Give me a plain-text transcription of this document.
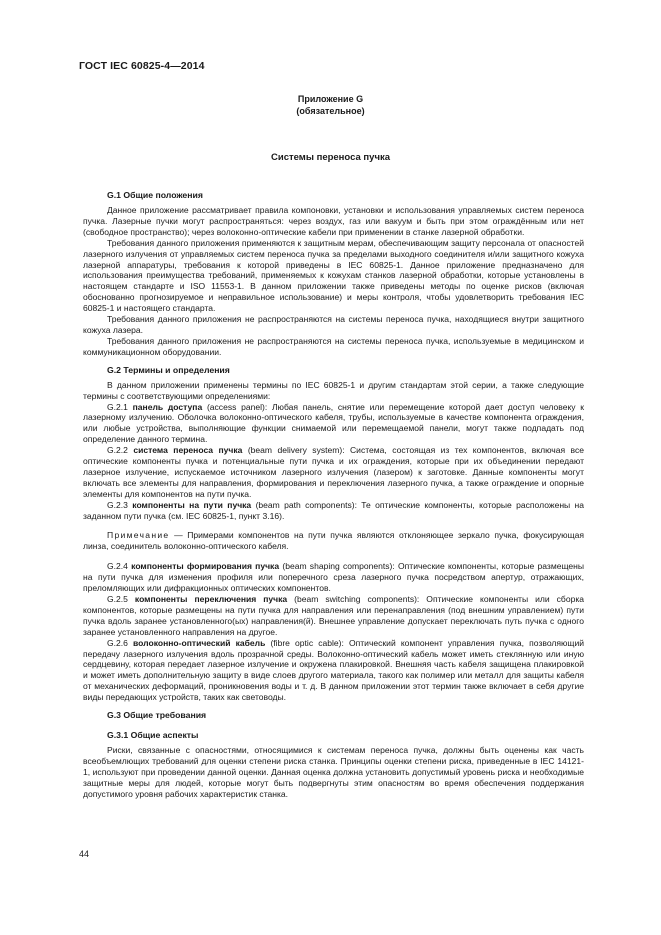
ГОСТ IEC 60825-4—2014
Приложение G
(обязательное)
Системы переноса пучка
G.1 Общие положения

Данное приложение рассматривает правила компоновки, установки и использования управляемых систем переноса пучка. Лазерные пучки могут распространяться: через воздух, газ или вакуум и быть при этом ограждённым или нет (свободное пространство); через волоконно-оптические кабели при применении в станке лазерной обработки.

Требования данного приложения применяются к защитным мерам, обеспечивающим защиту персонала от опасностей лазерного излучения от управляемых систем переноса пучка за пределами выходного соединителя и/или защитного кожуха лазерной аппаратуры, требования к которой приведены в IEC 60825-1. Данное приложение предназначено для использования преимущества требований, применяемых к кожухам станков лазерной обработки, которые установлены в настоящем стандарте и ISO 11553-1. В данном приложении также приведены методы по оценке рисков (включая обоснованно прогнозируемое и неправильное использование) и меры контроля, чтобы удовлетворить требования IEC 60825-1 и настоящего стандарта.

Требования данного приложения не распространяются на системы переноса пучка, находящиеся внутри защитного кожуха лазера.

Требования данного приложения не распространяются на системы переноса пучка, используемые в медицинском и коммуникационном оборудовании.

G.2 Термины и определения

В данном приложении применены термины по IEC 60825-1 и другим стандартам этой серии, а также следующие термины с соответствующими определениями:

G.2.1 панель доступа (access panel): Любая панель, снятие или перемещение которой дает доступ человеку к лазерному излучению. Оболочка волоконно-оптического кабеля, трубы, используемые в качестве компонента ограждения, или любые устройства, выполняющие функции снимаемой или перемещаемой панели, могут также подпадать под определение данного термина.

G.2.2 система переноса пучка (beam delivery system): Система, состоящая из тех компонентов, включая все оптические компоненты пучка и потенциальные пути пучка и их ограждения, которые при их объединении передают лазерное излучение, испускаемое источником лазерного излучения (лазером) к заготовке. Данные компоненты могут включать все элементы для направления, формирования и переключения лазерного пучка, а также ограждение и опорные элементы для компонентов на пути пучка.

G.2.3 компоненты на пути пучка (beam path components): Те оптические компоненты, которые расположены на заданном пути пучка (см. IEC 60825-1, пункт 3.16).

Примечание — Примерами компонентов на пути пучка являются отклоняющее зеркало пучка, фокусирующая линза, соединитель волоконно-оптического кабеля.

G.2.4 компоненты формирования пучка (beam shaping components): Оптические компоненты, которые размещены на пути пучка для изменения профиля или поперечного среза лазерного пучка посредством апертур, отражающих, преломляющих или дифракционных оптических компонентов.

G.2.5 компоненты переключения пучка (beam switching components): Оптические компоненты или сборка компонентов, которые размещены на пути пучка для направления или перенаправления (под внешним управлением) пути пучка вдоль заранее установленного(ых) направления(й). Внешнее управление допускает переключать путь пучка с одного заранее установленного направления на другое.

G.2.6 волоконно-оптический кабель (fibre optic cable): Оптический компонент управления пучка, позволяющий передачу лазерного излучения вдоль прозрачной среды. Волоконно-оптический кабель может иметь стеклянную или иную сердцевину, которая передает лазерное излучение и окружена плакировкой. Внешняя часть кабеля защищена плакировкой и может иметь дополнительную защиту в виде слоев другого материала, такого как полимер или металл для защиты кабеля от механических деформаций, проникновения воды и т. д. В данном приложении этот термин также включает в себя другие виды передающих устройств, таких как световоды.

G.3 Общие требования
G.3.1 Общие аспекты

Риски, связанные с опасностями, относящимися к системам переноса пучка, должны быть оценены как часть всеобъемлющих требований для оценки степени риска станка. Принципы оценки степени риска, приведенные в IEC 14121-1, используют при проведении данной оценки. Данная оценка должна установить допустимый уровень риска и необходимые защитные меры для людей, которые могут быть подвергнуты этим опасностям во время обеспечения поддержания допустимого уровня рабочих характеристик станка.

44
